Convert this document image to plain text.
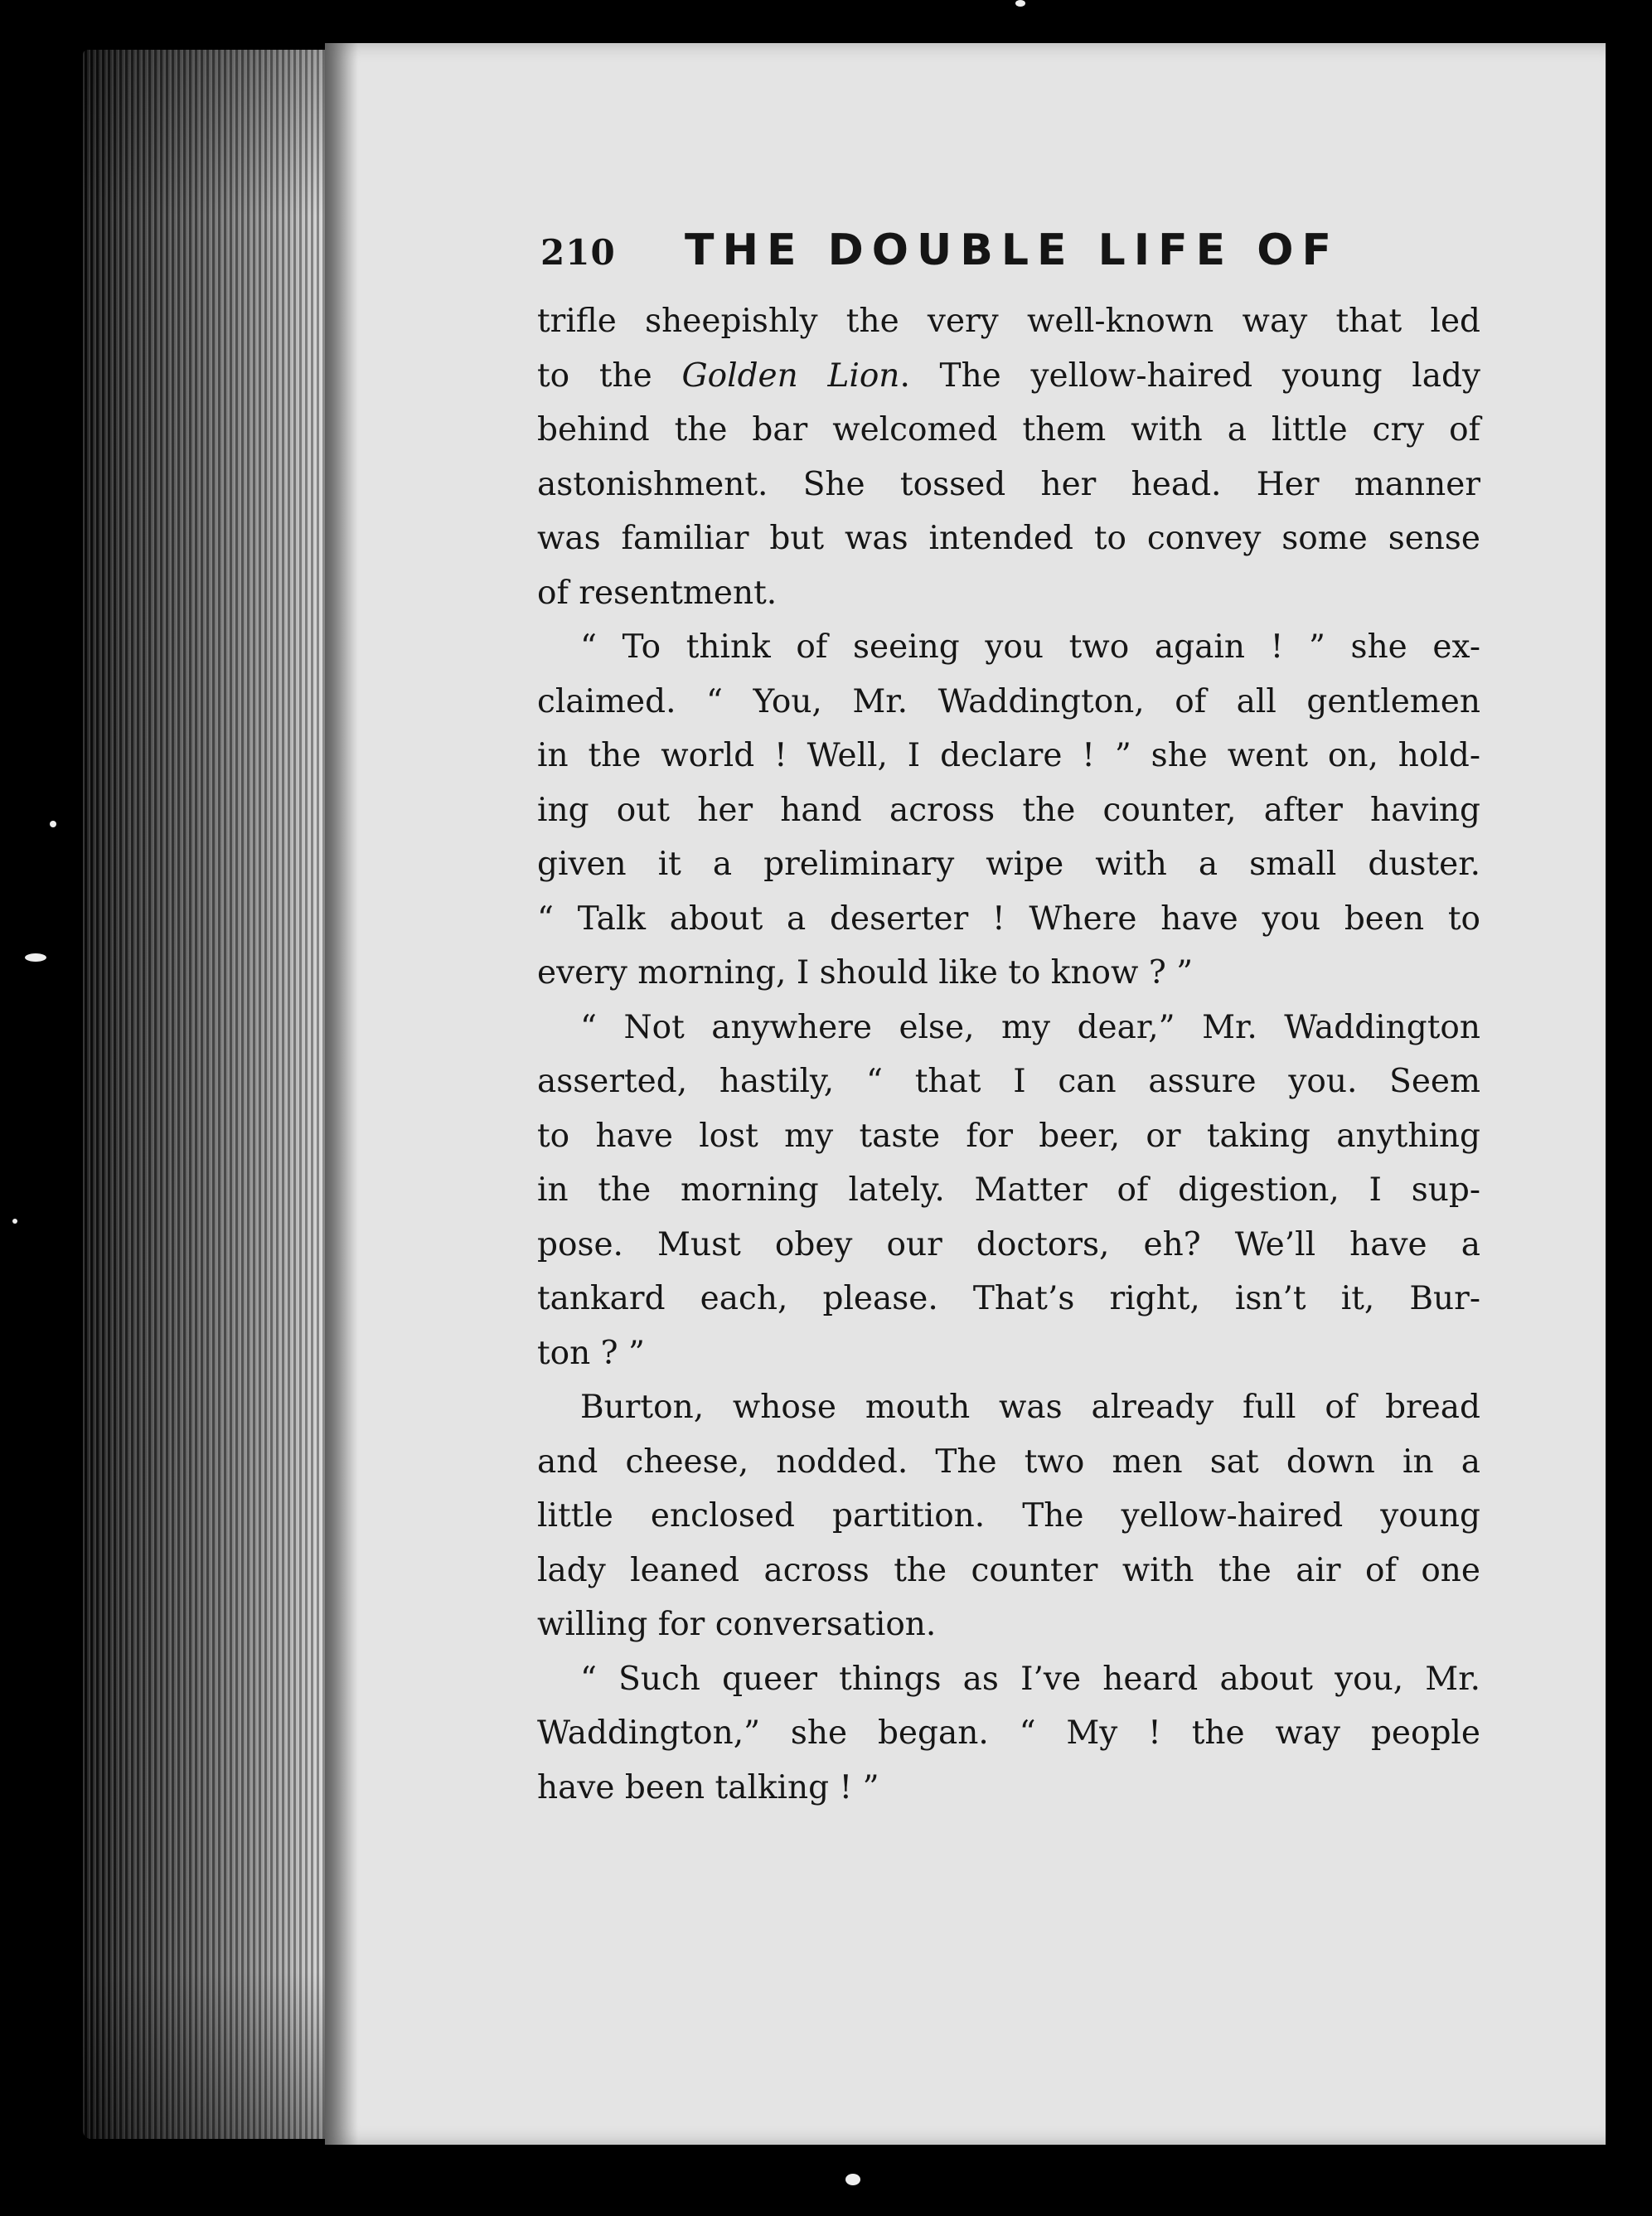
210 THE DOUBLE LIFE OF
trifle sheepishly the very well-known way that led
to the Golden Lion. The yellow-haired young lady
behind the bar welcomed them with a little cry of
astonishment. She tossed her head. Her manner
was familiar but was intended to convey some sense
of resentment.
“ To think of seeing you two again ! ” she ex-
claimed. “ You, Mr. Waddington, of all gentlemen
in the world ! Well, I declare ! ” she went on, hold-
ing out her hand across the counter, after having
given it a preliminary wipe with a small duster.
“ Talk about a deserter ! Where have you been to
every morning, I should like to know ? ”
“ Not anywhere else, my dear,” Mr. Waddington
asserted, hastily, “ that I can assure you. Seem
to have lost my taste for beer, or taking anything
in the morning lately. Matter of digestion, I sup-
pose. Must obey our doctors, eh? We’ll have a
tankard each, please. That’s right, isn’t it, Bur-
ton ? ”
Burton, whose mouth was already full of bread
and cheese, nodded. The two men sat down in a
little enclosed partition. The yellow-haired young
lady leaned across the counter with the air of one
willing for conversation.
“ Such queer things as I’ve heard about you, Mr.
Waddington,” she began. “ My ! the way people
have been talking ! ”
